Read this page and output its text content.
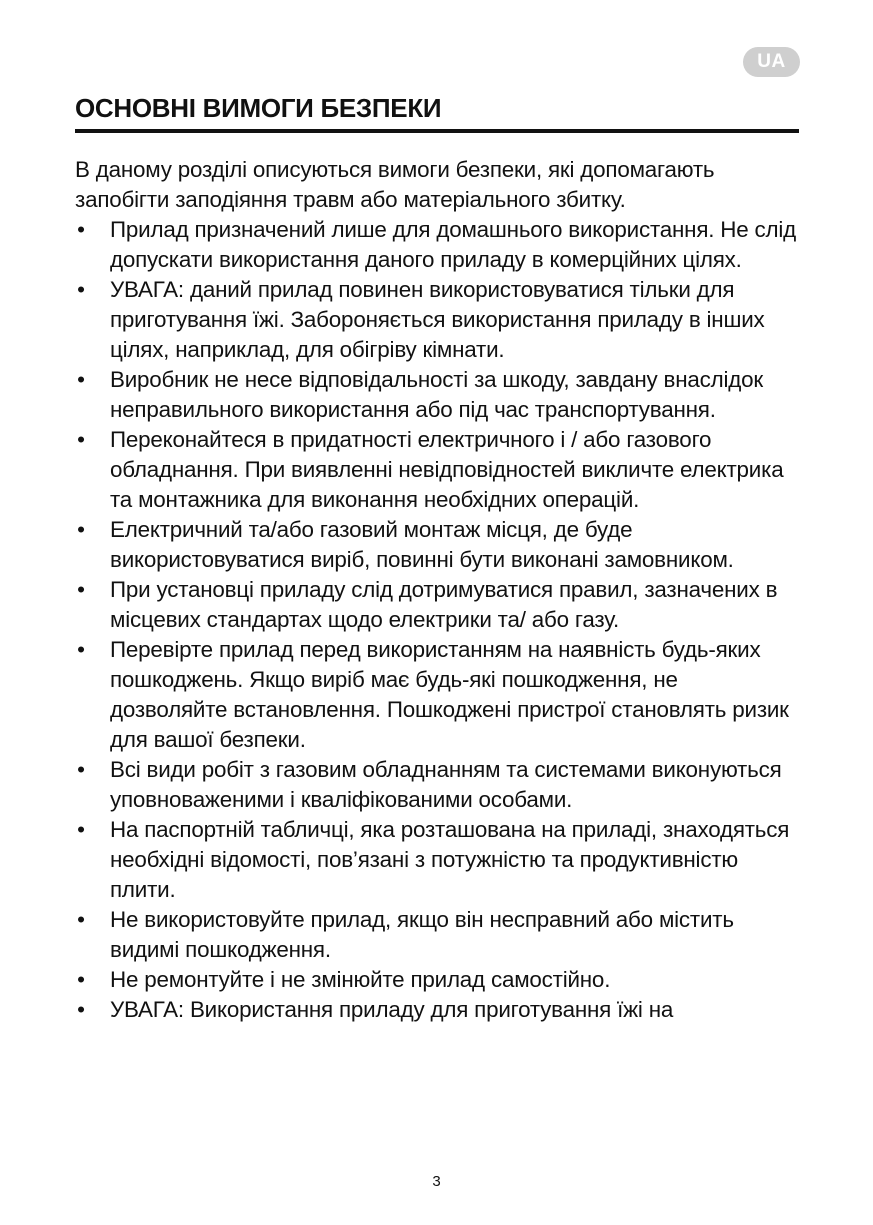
UA
ОСНОВНІ ВИМОГИ БЕЗПЕКИ

В даному розділі описуються вимоги безпеки, які допомагають запобігти заподіяння травм або матеріального збитку.

• Прилад призначений лише для домашнього використання. Не слід допускати використання даного приладу в комерційних цілях.
• УВАГА: даний прилад повинен використовуватися тільки для приготування їжі. Забороняється використання приладу в інших цілях, наприклад, для обігріву кімнати.
• Виробник не несе відповідальності за шкоду, завдану внаслідок неправильного використання або під час транспортування.
• Переконайтеся в придатності електричного і / або газового обладнання. При виявленні невідповідностей викличте електрика та монтажника для виконання необхідних операцій.
• Електричний та/або газовий монтаж місця, де буде використовуватися виріб, повинні бути виконані замовником.
• При установці приладу слід дотримуватися правил, зазначених в місцевих стандартах щодо електрики та/ або газу.
• Перевірте прилад перед використанням на наявність будь-яких пошкоджень. Якщо виріб має будь-які пошкодження, не дозволяйте встановлення. Пошкоджені пристрої становлять ризик для вашої безпеки.
• Всі види робіт з газовим обладнанням та системами виконуються уповноваженими і кваліфікованими особами.
• На паспортній табличці, яка розташована на приладі, знаходяться необхідні відомості, пов’язані з потужністю та продуктивністю плити.
• Не використовуйте прилад, якщо він несправний або містить видимі пошкодження.
• Не ремонтуйте і не змінюйте прилад самостійно.
• УВАГА: Використання приладу для приготування їжі на
3
